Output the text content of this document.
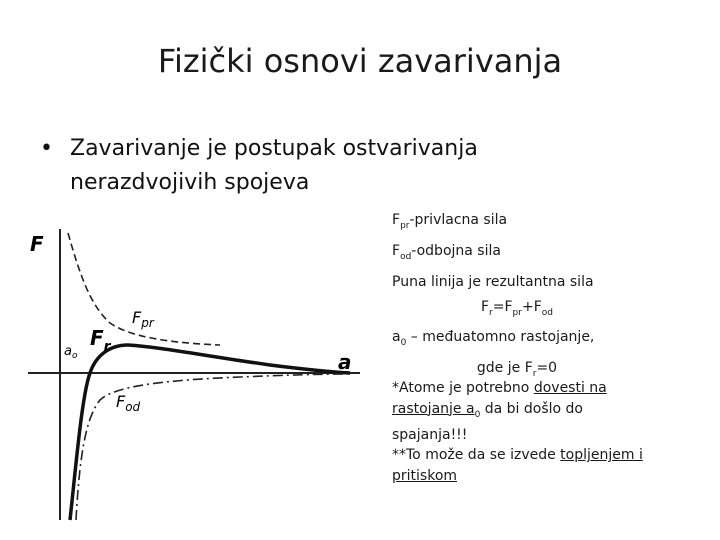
Fizički osnovi zavarivanja
• Zavarivanje je postupak ostvarivanja nerazdvojivih spojeva
F
a
$a_o$
$F_r$
$F_{pr}$
$F_{od}$
$F_{pr}$-privlacna sila
$F_{od}$-odbojna sila
Puna linija je rezultantna sila
$F_r=F_{pr}+F_{od}$
$a_0$ – međuatomno rastojanje,
gde je $F_r=0$
*Atome je potrebno dovesti na
rastojanje $a_0$ da bi došlo do
spajanja!!!
**To može da se izvede topljenjem i
pritiskom
